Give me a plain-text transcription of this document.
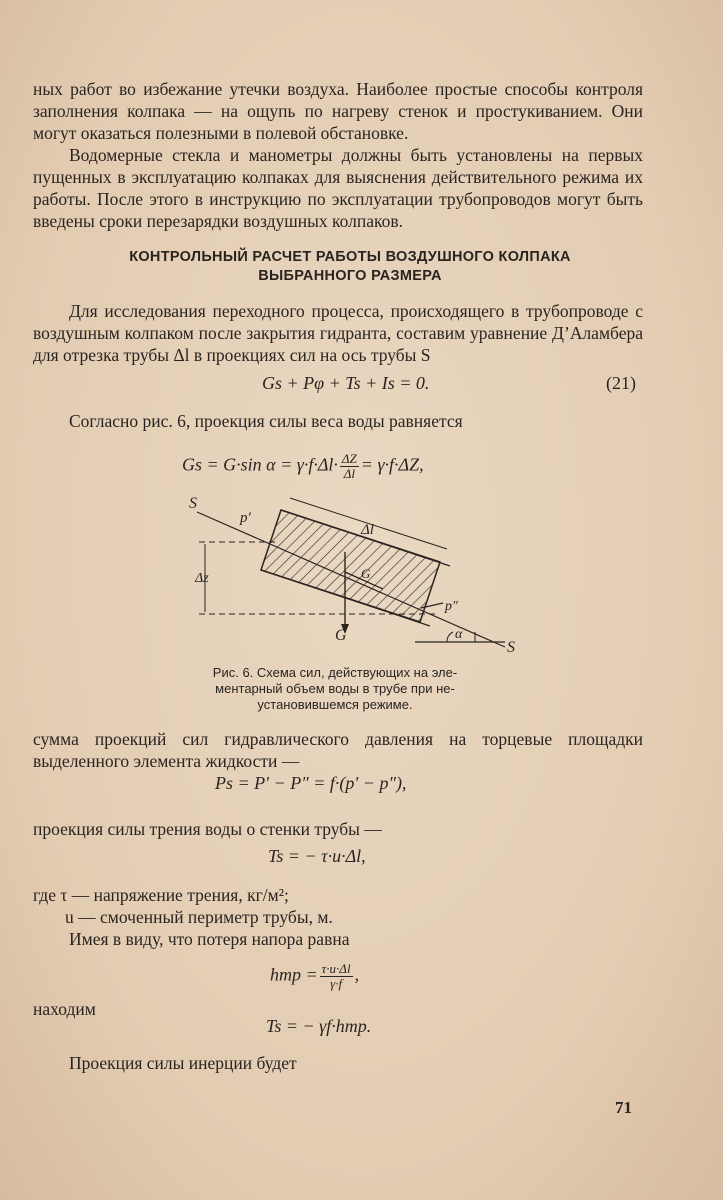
ных работ во избежание утечки воздуха. Наиболее простые способы контроля заполнения колпака — на ощупь по нагреву стенок и простукиванием. Они могут оказаться полезными в полевой обстановке.

Водомерные стекла и манометры должны быть установлены на первых пущенных в эксплуатацию колпаках для выяснения действительного режима их работы. После этого в инструкцию по эксплуатации трубопроводов могут быть введены сроки перезарядки воздушных колпаков.

КОНТРОЛЬНЫЙ РАСЧЕТ РАБОТЫ ВОЗДУШНОГО КОЛПАКА
ВЫБРАННОГО РАЗМЕРА

Для исследования переходного процесса, происходящего в трубопроводе с воздушным колпаком после закрытия гидранта, составим уравнение Д’Аламбера для отрезка трубы Δl в проекциях сил на ось трубы S

Gs + Pφ + Ts + Is = 0.	(21)

Согласно рис. 6, проекция силы веса воды равняется

Gs = G·sin $\alpha = \gamma\cdot f\cdot\Delta l\cdot \frac{\Delta Z}{\Delta l} = \gamma\cdot f\cdot\Delta Z$,
S
p′
Δl
Δz	G
p″
G	α
S
Рис. 6. Схема сил, действующих на эле-
ментарный объем воды в трубе при не-
установившемся режиме.

сумма проекций сил гидравлического давления на торцевые площадки выделенного элемента жидкости —

Ps = P′ − P″ = f·(p′ − p″),

проекция силы трения воды о стенки трубы —

Ts = − τ·u·Δl,

где τ — напряжение трения, кг/м²;

u — смоченный периметр трубы, м.

Имея в виду, что потеря напора равна

hтр = $\frac{\tau\cdot u\cdot\Delta l}{\gamma\cdot f}$ ,

находим

Ts = − γf·hтр.

Проекция силы инерции будет

71
